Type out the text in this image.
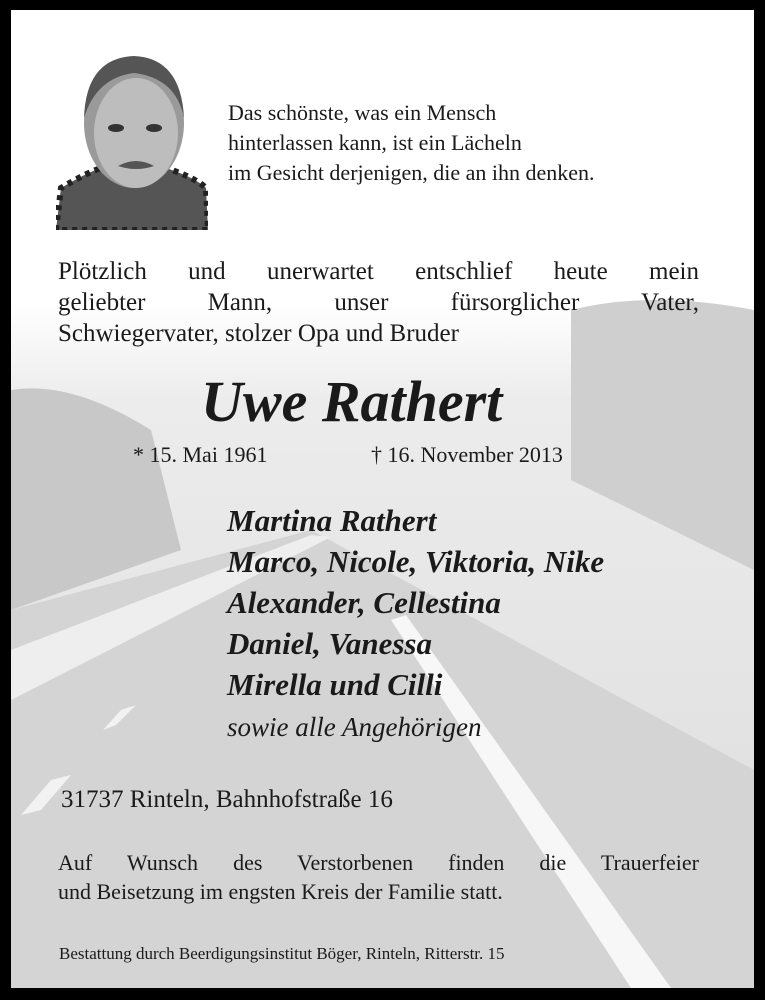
Das schönste, was ein Mensch
hinterlassen kann, ist ein Lächeln
im Gesicht derjenigen, die an ihn denken.
Plötzlich und unerwartet entschlief heute mein
geliebter Mann, unser fürsorglicher Vater,
Schwiegervater, stolzer Opa und Bruder
Uwe Rathert
* 15. Mai 1961	† 16. November 2013
Martina Rathert
Marco, Nicole, Viktoria, Nike
Alexander, Cellestina
Daniel, Vanessa
Mirella und Cilli
sowie alle Angehörigen
31737 Rinteln, Bahnhofstraße 16
Auf Wunsch des Verstorbenen finden die Trauerfeier
und Beisetzung im engsten Kreis der Familie statt.
Bestattung durch Beerdigungsinstitut Böger, Rinteln, Ritterstr. 15
